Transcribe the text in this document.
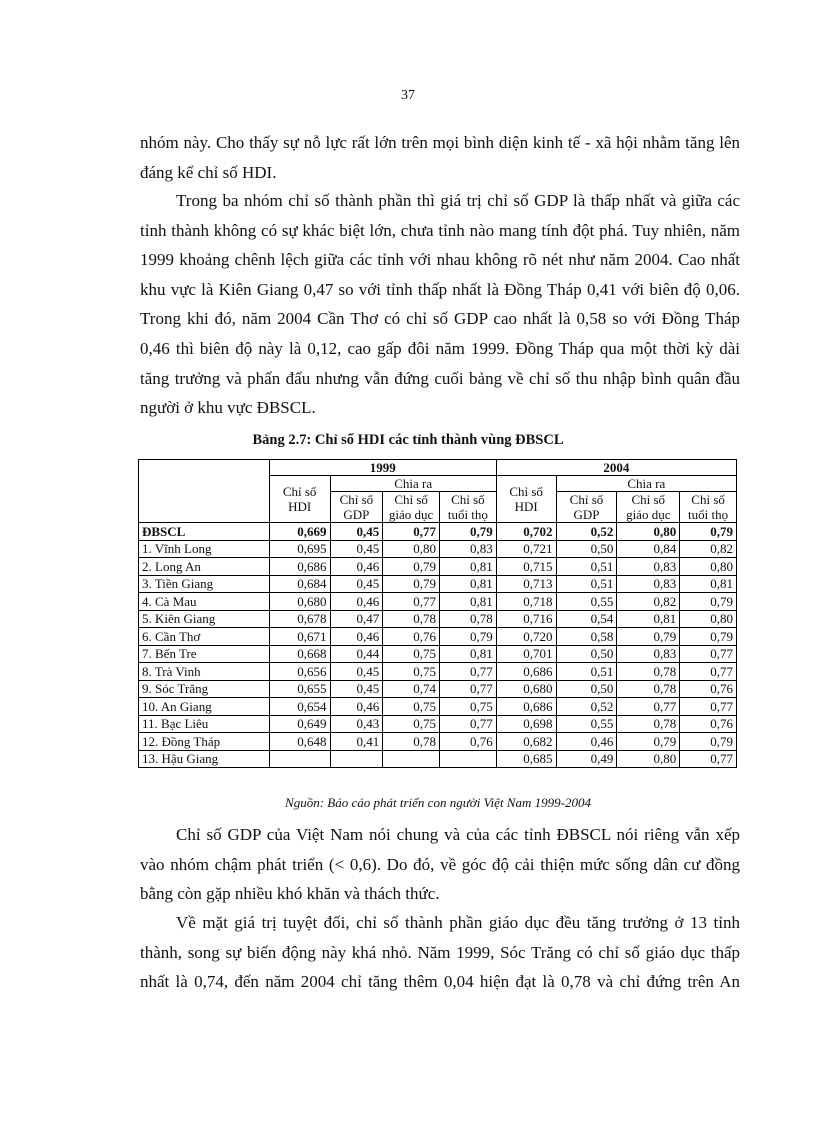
37

nhóm này. Cho thấy sự nỗ lực rất lớn trên mọi bình diện kinh tế - xã hội nhằm tăng lên đáng kể chỉ số HDI.

Trong ba nhóm chỉ số thành phần thì giá trị chỉ số GDP là thấp nhất và giữa các tỉnh thành không có sự khác biệt lớn, chưa tỉnh nào mang tính đột phá. Tuy nhiên, năm 1999 khoảng chênh lệch giữa các tỉnh với nhau không rõ nét như năm 2004. Cao nhất khu vực là Kiên Giang 0,47 so với tỉnh thấp nhất là Đồng Tháp 0,41 với biên độ 0,06. Trong khi đó, năm 2004 Cần Thơ có chỉ số GDP cao nhất là 0,58 so với Đồng Tháp 0,46 thì biên độ này là 0,12, cao gấp đôi năm 1999. Đồng Tháp qua một thời kỳ dài tăng trưởng và phấn đấu nhưng vẫn đứng cuối bảng về chỉ số thu nhập bình quân đầu người ở khu vực ĐBSCL.

Bảng 2.7: Chỉ số HDI các tỉnh thành vùng ĐBSCL
	1999				2004			
	Chỉ số HDI	Chia ra			Chỉ số HDI	Chia ra		
		Chỉ số GDP	Chỉ số giáo dục	Chỉ số tuổi thọ		Chỉ số GDP	Chỉ số giáo dục	Chỉ số tuổi thọ
ĐBSCL	0,669	0,45	0,77	0,79	0,702	0,52	0,80	0,79
1. Vĩnh Long	0,695	0,45	0,80	0,83	0,721	0,50	0,84	0,82
2. Long An	0,686	0,46	0,79	0,81	0,715	0,51	0,83	0,80
3. Tiền Giang	0,684	0,45	0,79	0,81	0,713	0,51	0,83	0,81
4. Cà Mau	0,680	0,46	0,77	0,81	0,718	0,55	0,82	0,79
5. Kiên Giang	0,678	0,47	0,78	0,78	0,716	0,54	0,81	0,80
6. Cần Thơ	0,671	0,46	0,76	0,79	0,720	0,58	0,79	0,79
7. Bến Tre	0,668	0,44	0,75	0,81	0,701	0,50	0,83	0,77
8. Trà Vinh	0,656	0,45	0,75	0,77	0,686	0,51	0,78	0,77
9. Sóc Trăng	0,655	0,45	0,74	0,77	0,680	0,50	0,78	0,76
10. An Giang	0,654	0,46	0,75	0,75	0,686	0,52	0,77	0,77
11. Bạc Liêu	0,649	0,43	0,75	0,77	0,698	0,55	0,78	0,76
12. Đồng Tháp	0,648	0,41	0,78	0,76	0,682	0,46	0,79	0,79
13. Hậu Giang					0,685	0,49	0,80	0,77
Nguồn: Báo cáo phát triển con người Việt Nam 1999-2004

Chỉ số GDP của Việt Nam nói chung và của các tỉnh ĐBSCL nói riêng vẫn xếp vào nhóm chậm phát triển (< 0,6). Do đó, về góc độ cải thiện mức sống dân cư đồng bằng còn gặp nhiều khó khăn và thách thức.

Về mặt giá trị tuyệt đối, chỉ số thành phần giáo dục đều tăng trưởng ở 13 tỉnh thành, song sự biến động này khá nhỏ. Năm 1999, Sóc Trăng có chỉ số giáo dục thấp nhất là 0,74, đến năm 2004 chỉ tăng thêm 0,04 hiện đạt là 0,78 và chỉ đứng trên An
